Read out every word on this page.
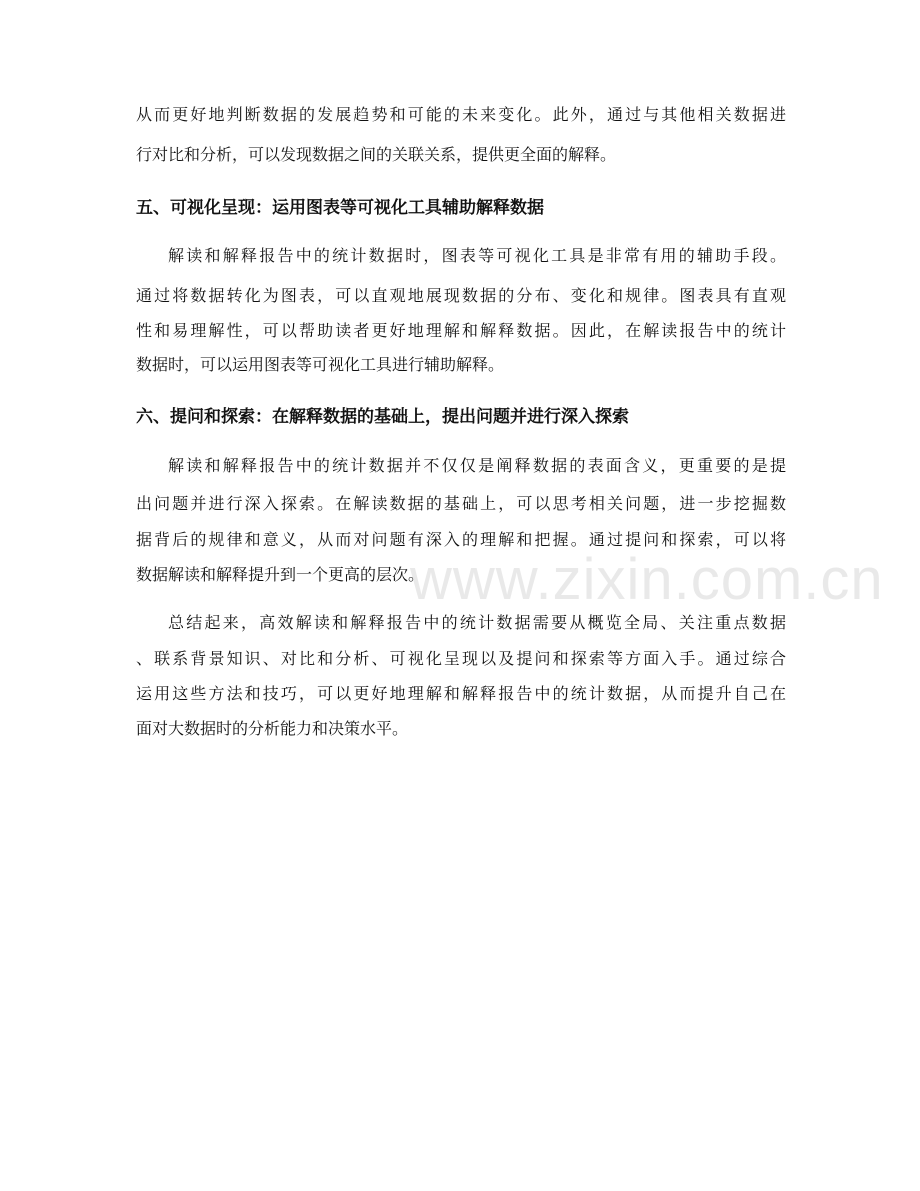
从而更好地判断数据的发展趋势和可能的未来变化。此外，通过与其他相关数据进

行对比和分析，可以发现数据之间的关联关系，提供更全面的解释。

五、可视化呈现：运用图表等可视化工具辅助解释数据

解读和解释报告中的统计数据时，图表等可视化工具是非常有用的辅助手段。

通过将数据转化为图表，可以直观地展现数据的分布、变化和规律。图表具有直观

性和易理解性，可以帮助读者更好地理解和解释数据。因此，在解读报告中的统计

数据时，可以运用图表等可视化工具进行辅助解释。

六、提问和探索：在解释数据的基础上，提出问题并进行深入探索

解读和解释报告中的统计数据并不仅仅是阐释数据的表面含义，更重要的是提

出问题并进行深入探索。在解读数据的基础上，可以思考相关问题，进一步挖掘数

据背后的规律和意义，从而对问题有深入的理解和把握。通过提问和探索，可以将

数据解读和解释提升到一个更高的层次。

总结起来，高效解读和解释报告中的统计数据需要从概览全局、关注重点数据

、联系背景知识、对比和分析、可视化呈现以及提问和探索等方面入手。通过综合

运用这些方法和技巧，可以更好地理解和解释报告中的统计数据，从而提升自己在

面对大数据时的分析能力和决策水平。

www.zixin.com.cn
